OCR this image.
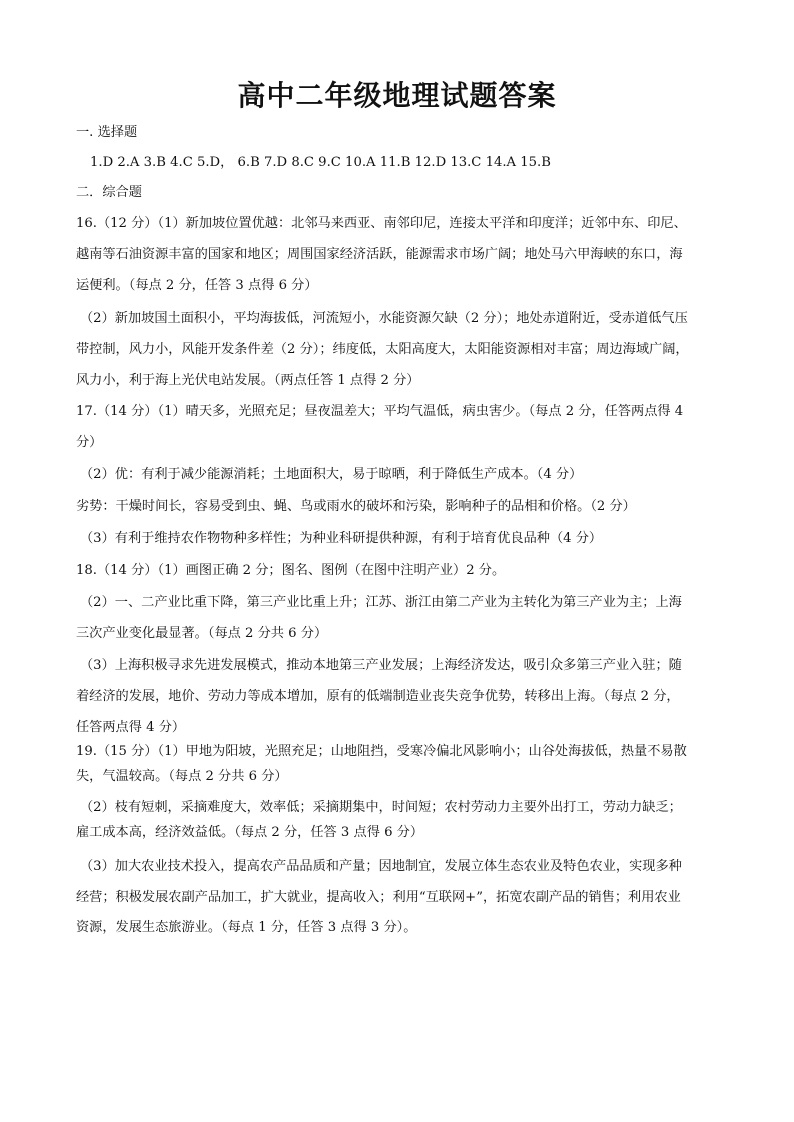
高中二年级地理试题答案
一. 选择题
1.D 2.A 3.B 4.C 5.D， 6.B 7.D 8.C 9.C 10.A 11.B 12.D 13.C 14.A 15.B
二．综合题
16.（12 分）（1）新加坡位置优越：北邻马来西亚、南邻印尼，连接太平洋和印度洋；近邻中东、印尼、
越南等石油资源丰富的国家和地区；周围国家经济活跃，能源需求市场广阔；地处马六甲海峡的东口，海
运便利。（每点 2 分，任答 3 点得 6 分）
（2）新加坡国土面积小，平均海拔低，河流短小，水能资源欠缺（2 分）；地处赤道附近，受赤道低气压
带控制，风力小，风能开发条件差（2 分）；纬度低，太阳高度大，太阳能资源相对丰富；周边海域广阔，
风力小，利于海上光伏电站发展。（两点任答 1 点得 2 分）
17.（14 分）（1）晴天多，光照充足；昼夜温差大；平均气温低，病虫害少。（每点 2 分，任答两点得 4
分）
（2）优：有利于减少能源消耗；土地面积大，易于晾晒，利于降低生产成本。（4 分）
劣势：干燥时间长，容易受到虫、蝇、鸟或雨水的破坏和污染，影响种子的品相和价格。（2 分）
（3）有利于维持农作物物种多样性；为种业科研提供种源，有利于培育优良品种（4 分）
18.（14 分）（1）画图正确 2 分；图名、图例（在图中注明产业）2 分。
（2）一、二产业比重下降，第三产业比重上升；江苏、浙江由第二产业为主转化为第三产业为主；上海
三次产业变化最显著。（每点 2 分共 6 分）
（3）上海积极寻求先进发展模式，推动本地第三产业发展；上海经济发达，吸引众多第三产业入驻；随
着经济的发展，地价、劳动力等成本增加，原有的低端制造业丧失竞争优势，转移出上海。（每点 2 分，
任答两点得 4 分）
19.（15 分）（1）甲地为阳坡，光照充足；山地阻挡，受寒冷偏北风影响小；山谷处海拔低，热量不易散
失，气温较高。（每点 2 分共 6 分）
（2）枝有短刺，采摘难度大，效率低；采摘期集中，时间短；农村劳动力主要外出打工，劳动力缺乏；
雇工成本高，经济效益低。（每点 2 分，任答 3 点得 6 分）
（3）加大农业技术投入，提高农产品品质和产量；因地制宜，发展立体生态农业及特色农业，实现多种
经营；积极发展农副产品加工，扩大就业，提高收入；利用“互联网+”，拓宽农副产品的销售；利用农业
资源，发展生态旅游业。（每点 1 分，任答 3 点得 3 分）。
